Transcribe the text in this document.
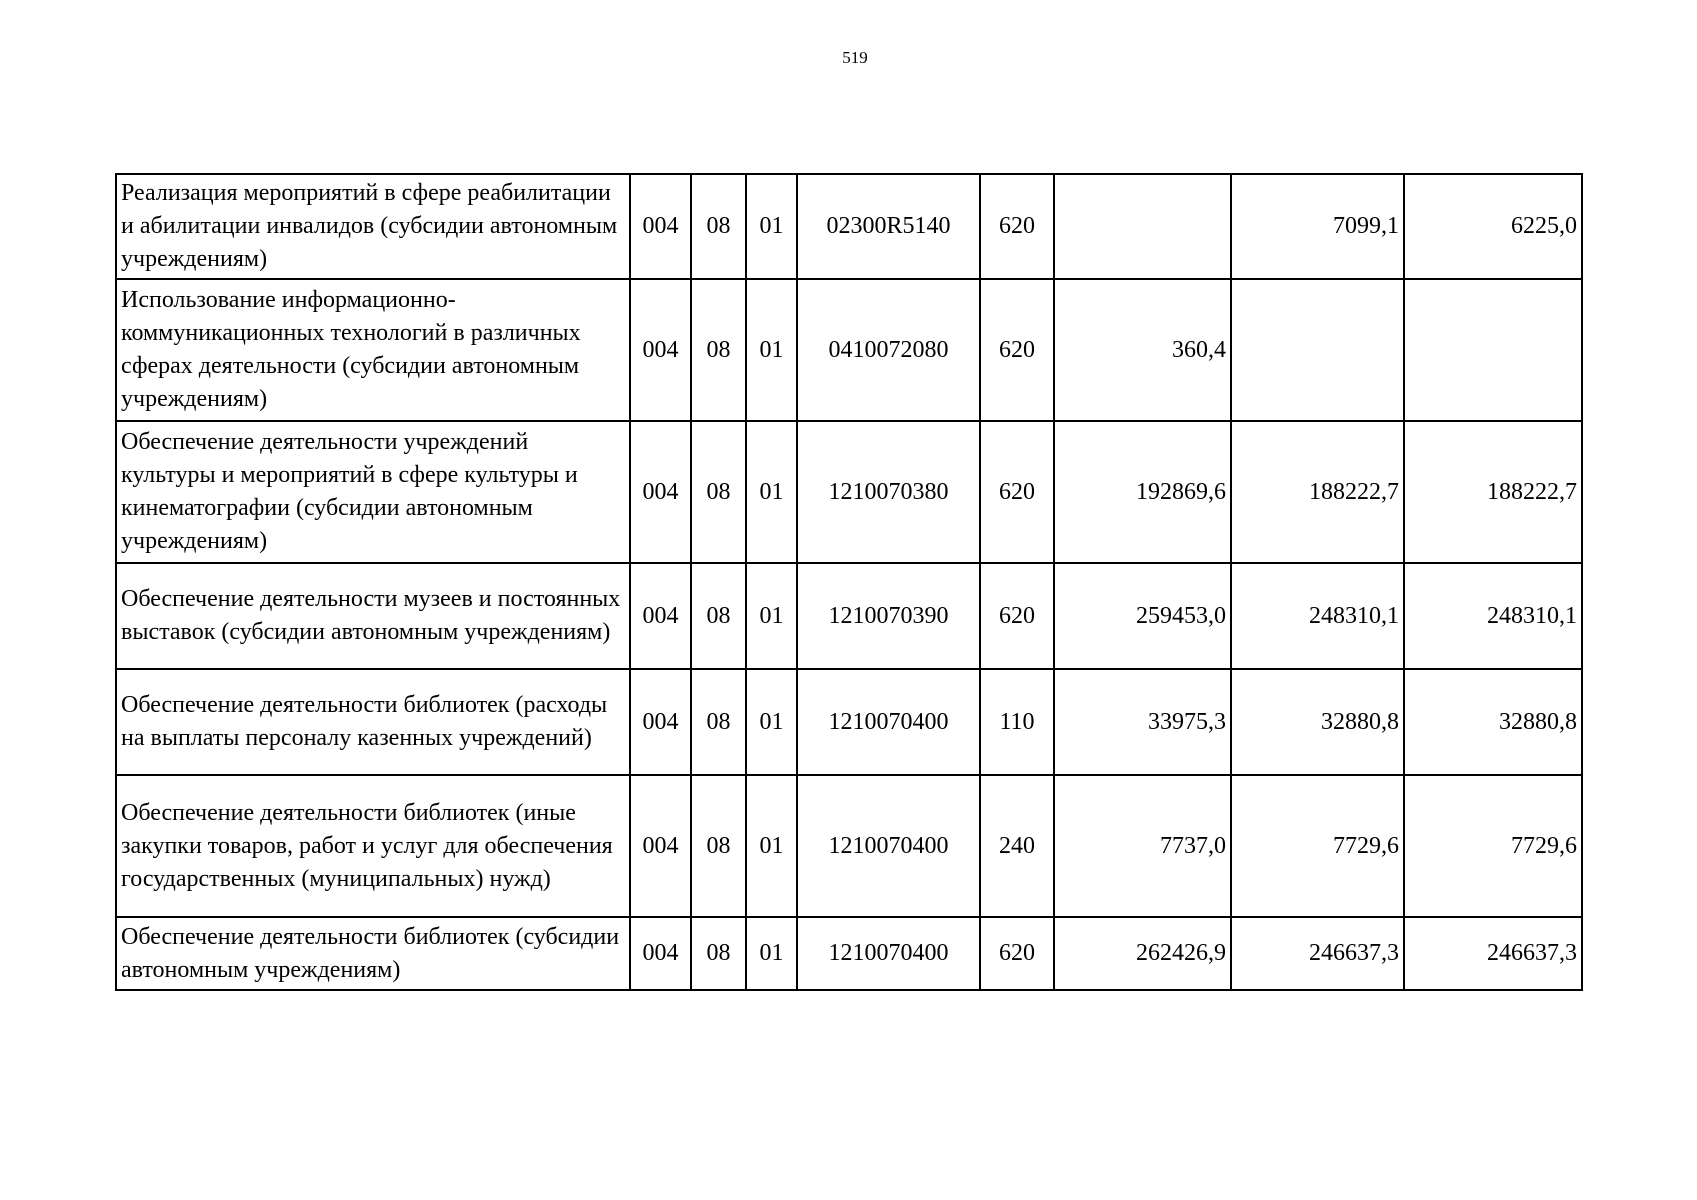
519
Реализация мероприятий в сфере реабилитации и абилитации инвалидов (субсидии автономным учреждениям)	004	08	01	02300R5140	620		7099,1	6225,0
Использование информационно-коммуникационных технологий в различных сферах деятельности (субсидии автономным учреждениям)	004	08	01	0410072080	620	360,4		
Обеспечение деятельности учреждений культуры и мероприятий в сфере культуры и кинематографии (субсидии автономным учреждениям)	004	08	01	1210070380	620	192869,6	188222,7	188222,7
Обеспечение деятельности музеев и постоянных выставок (субсидии автономным учреждениям)	004	08	01	1210070390	620	259453,0	248310,1	248310,1
Обеспечение деятельности библиотек (расходы на выплаты персоналу казенных учреждений)	004	08	01	1210070400	110	33975,3	32880,8	32880,8
Обеспечение деятельности библиотек (иные закупки товаров, работ и услуг для обеспечения государственных (муниципальных) нужд)	004	08	01	1210070400	240	7737,0	7729,6	7729,6
Обеспечение деятельности библиотек (субсидии автономным учреждениям)	004	08	01	1210070400	620	262426,9	246637,3	246637,3
